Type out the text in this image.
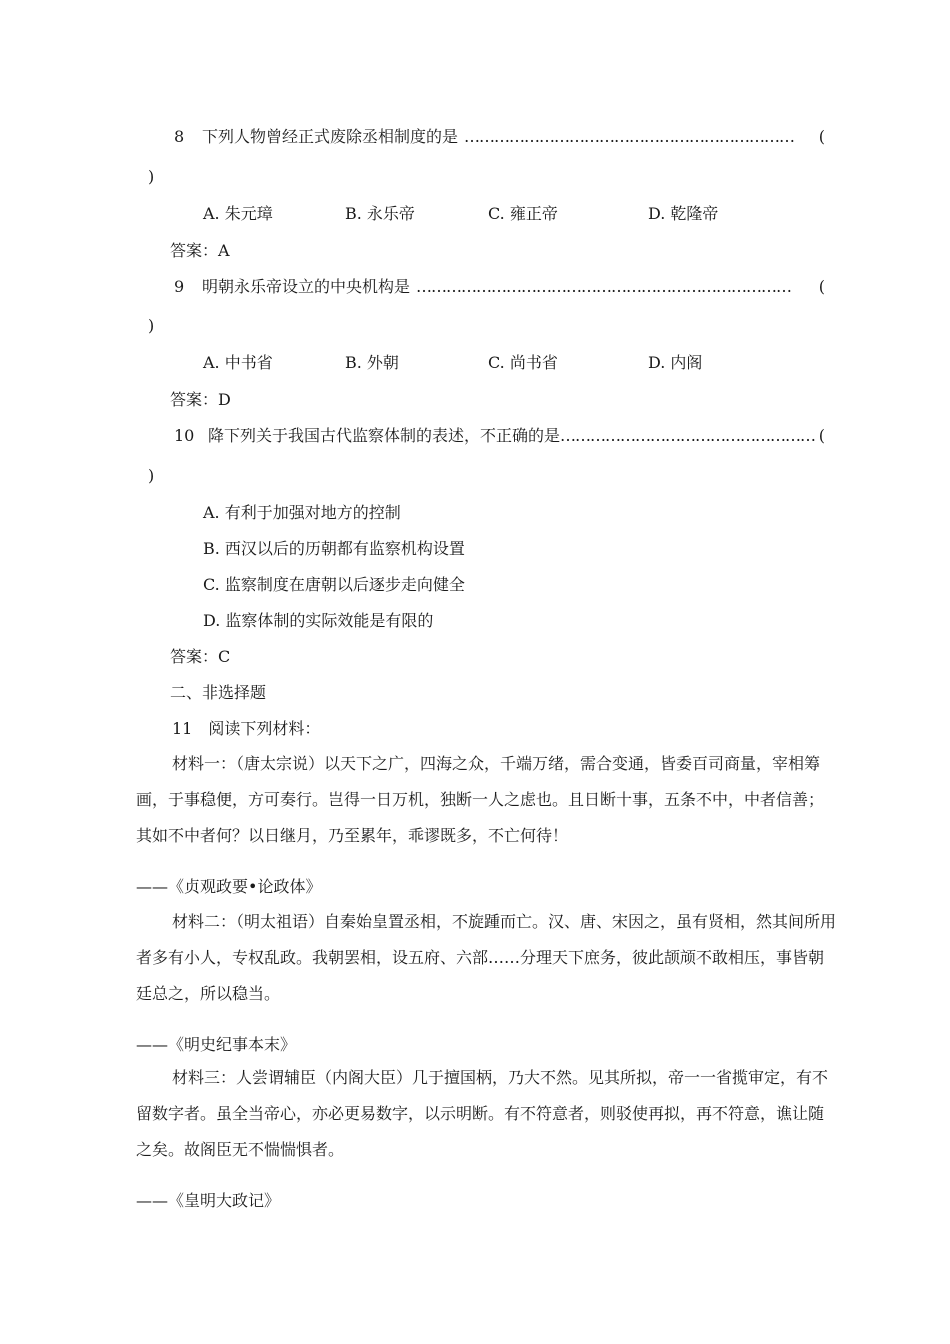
8	下列人物曾经正式废除丞相制度的是 …………………………………………………………	(
)
A. 朱元璋	B. 永乐帝	C. 雍正帝	D. 乾隆帝
答案：A
9	明朝永乐帝设立的中央机构是 …………………………………………………………………	(
)
A. 中书省	B. 外朝	C. 尚书省	D. 内阁
答案：D
10 降下列关于我国古代监察体制的表述，不正确的是 …………………………………………… (
)
A. 有利于加强对地方的控制
B. 西汉以后的历朝都有监察机构设置
C. 监察制度在唐朝以后逐步走向健全
D. 监察体制的实际效能是有限的
答案：C
二、非选择题
11　阅读下列材料：
材料一：（唐太宗说）以天下之广，四海之众，千端万绪，需合变通，皆委百司商量，宰相筹画，于事稳便，方可奏行。岂得一日万机，独断一人之虑也。且日断十事，五条不中，中者信善；其如不中者何？以日继月，乃至累年，乖谬既多，不亡何待！
——《贞观政要•论政体》
材料二：（明太祖语）自秦始皇置丞相，不旋踵而亡。汉、唐、宋因之，虽有贤相，然其间所用者多有小人，专权乱政。我朝罢相，设五府、六部……分理天下庶务，彼此颉颃不敢相压，事皆朝廷总之，所以稳当。
——《明史纪事本末》
材料三：人尝谓辅臣（内阁大臣）几于擅国柄，乃大不然。见其所拟，帝一一省揽审定，有不留数字者。虽全当帝心，亦必更易数字，以示明断。有不符意者，则驳使再拟，再不符意，谯让随之矣。故阁臣无不惴惴惧者。
——《皇明大政记》
